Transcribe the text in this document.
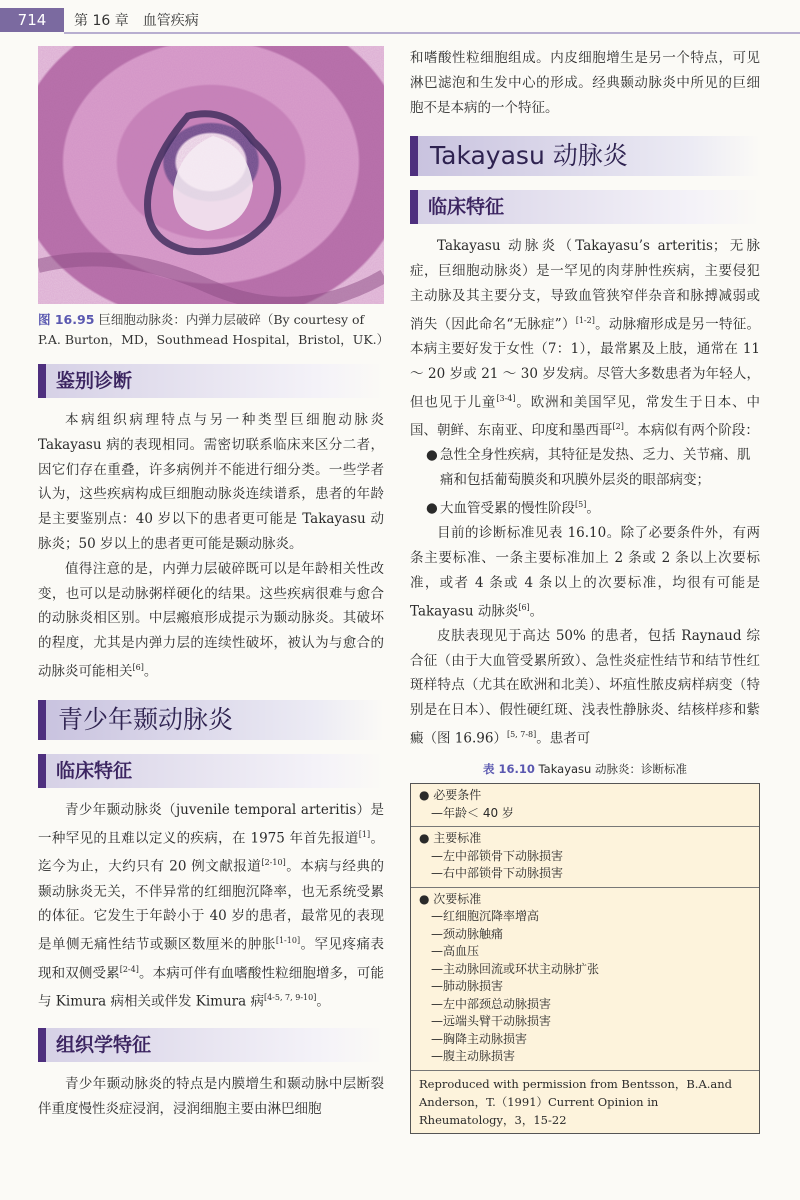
714	第 16 章　血管疾病
图 16.95 巨细胞动脉炎：内弹力层破碎（By courtesy of P.A. Burton，MD，Southmead Hospital，Bristol，UK.）
鉴别诊断

本病组织病理特点与另一种类型巨细胞动脉炎 Takayasu 病的表现相同。需密切联系临床来区分二者，因它们存在重叠，许多病例并不能进行细分类。一些学者认为，这些疾病构成巨细胞动脉炎连续谱系，患者的年龄是主要鉴别点：40 岁以下的患者更可能是 Takayasu 动脉炎；50 岁以上的患者更可能是颞动脉炎。

值得注意的是，内弹力层破碎既可以是年龄相关性改变，也可以是动脉粥样硬化的结果。这些疾病很难与愈合的动脉炎相区别。中层瘢痕形成提示为颞动脉炎。其破坏的程度，尤其是内弹力层的连续性破坏，被认为与愈合的动脉炎可能相关[6]。

青少年颞动脉炎
临床特征

青少年颞动脉炎（juvenile temporal arteritis）是一种罕见的且难以定义的疾病，在 1975 年首先报道[1]。迄今为止，大约只有 20 例文献报道[2-10]。本病与经典的颞动脉炎无关，不伴异常的红细胞沉降率，也无系统受累的体征。它发生于年龄小于 40 岁的患者，最常见的表现是单侧无痛性结节或颞区数厘米的肿胀[1-10]。罕见疼痛表现和双侧受累[2-4]。本病可伴有血嗜酸性粒细胞增多，可能与 Kimura 病相关或伴发 Kimura 病[4-5, 7, 9-10]。

组织学特征

青少年颞动脉炎的特点是内膜增生和颞动脉中层断裂伴重度慢性炎症浸润，浸润细胞主要由淋巴细胞

和嗜酸性粒细胞组成。内皮细胞增生是另一个特点，可见淋巴滤泡和生发中心的形成。经典颞动脉炎中所见的巨细胞不是本病的一个特征。

Takayasu 动脉炎
临床特征

Takayasu 动脉炎（Takayasu’s arteritis；无脉症，巨细胞动脉炎）是一罕见的肉芽肿性疾病，主要侵犯主动脉及其主要分支，导致血管狭窄伴杂音和脉搏减弱或消失（因此命名“无脉症”）[1-2]。动脉瘤形成是另一特征。本病主要好发于女性（7：1），最常累及上肢，通常在 11 ～ 20 岁或 21 ～ 30 岁发病。尽管大多数患者为年轻人，但也见于儿童[3-4]。欧洲和美国罕见，常发生于日本、中国、朝鲜、东南亚、印度和墨西哥[2]。本病似有两个阶段：

● 急性全身性疾病，其特征是发热、乏力、关节痛、肌痛和包括葡萄膜炎和巩膜外层炎的眼部病变；
● 大血管受累的慢性阶段[5]。

目前的诊断标准见表 16.10。除了必要条件外，有两条主要标准、一条主要标准加上 2 条或 2 条以上次要标准，或者 4 条或 4 条以上的次要标准，均很有可能是 Takayasu 动脉炎[6]。

皮肤表现见于高达 50% 的患者，包括 Raynaud 综合征（由于大血管受累所致）、急性炎症性结节和结节性红斑样特点（尤其在欧洲和北美）、坏疽性脓皮病样病变（特别是在日本）、假性硬红斑、浅表性静脉炎、结核样疹和紫癜（图 16.96）[5, 7-8]。患者可

表 16.10 Takayasu 动脉炎：诊断标准
● 必要条件
—年龄＜ 40 岁
● 主要标准
—左中部锁骨下动脉损害
—右中部锁骨下动脉损害
● 次要标准
—红细胞沉降率增高
—颈动脉触痛
—高血压
—主动脉回流或环状主动脉扩张
—肺动脉损害
—左中部颈总动脉损害
—远端头臂干动脉损害
—胸降主动脉损害
—腹主动脉损害
Reproduced with permission from Bentsson，B.A.and Anderson，T.（1991）Current Opinion in Rheumatology，3，15-22
